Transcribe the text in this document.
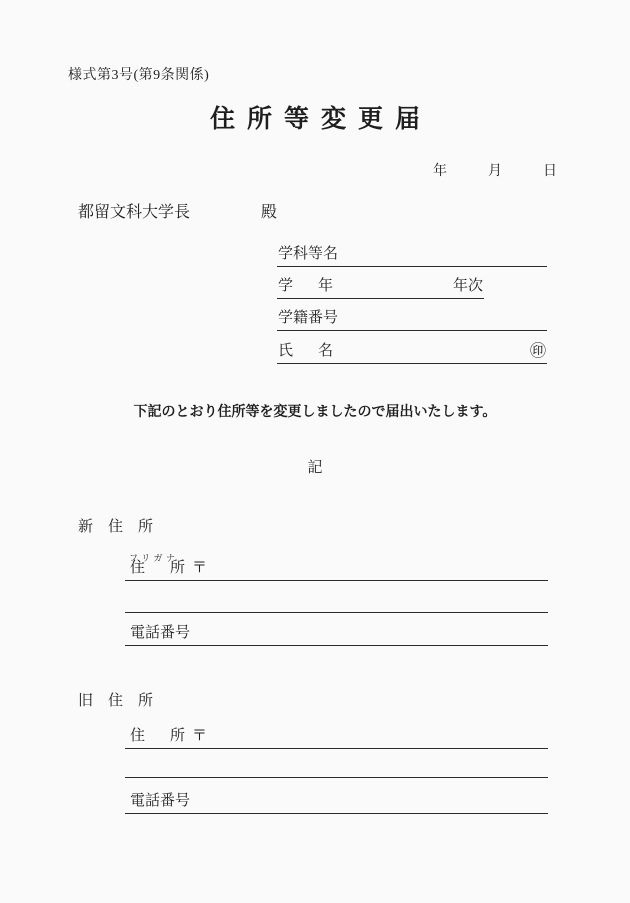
様式第3号(第9条関係)
住所等変更届
年	月	日
都留文科大学長	殿
学科等名
学　年	年次
学籍番号
氏　名	㊞
下記のとおり住所等を変更しましたので届出いたします。
記
新　住　所
フリガナ
住　所 〒
電話番号
旧　住　所
住　所 〒
電話番号
